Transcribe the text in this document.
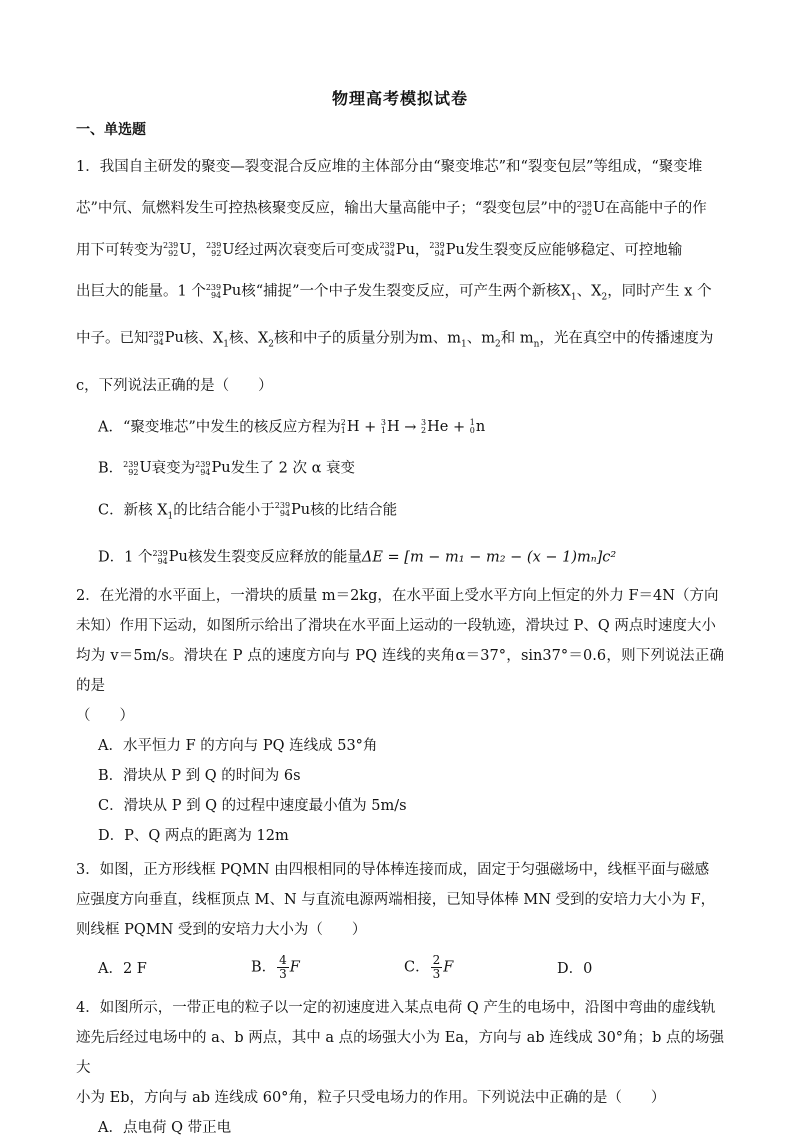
物理高考模拟试卷
一、单选题

1．我国自主研发的聚变—裂变混合反应堆的主体部分由“聚变堆芯”和“裂变包层”等组成，“聚变堆

芯”中氘、氚燃料发生可控热核聚变反应，输出大量高能中子；“裂变包层”中的 238
92 U 在高能中子的作

用下可转变为 239
92 U ， 239
92 U 经过两次衰变后可变成 239
94 Pu ， 239
94 Pu 发生裂变反应能够稳定、可控地输

出巨大的能量。1 个 239
94 Pu 核“捕捉”一个中子发生裂变反应，可产生两个新核$X_1$、$X_2$，同时产生 x 个

中子。已知 239
94 Pu 核、$X_1$核、$X_2$核和中子的质量分别为m、$m_1$、$m_2$和 $m_n$，光在真空中的传播速度为

c，下列说法正确的是（　　）

A．“聚变堆芯”中发生的核反应方程为 2
1 H + 3
1 H → 3
2 He + 1
0 n

B． 239
92 U 衰变为 239
94 Pu 发生了 2 次 α 衰变

C．新核 $X_1$的比结合能小于 239
94 Pu 核的比结合能

D．1 个 239
94 Pu 核发生裂变反应释放的能量ΔE = [m − m₁ − m₂ − (x − 1)mₙ]c²

2．在光滑的水平面上，一滑块的质量 m＝2kg，在水平面上受水平方向上恒定的外力 F＝4N（方向

未知）作用下运动，如图所示给出了滑块在水平面上运动的一段轨迹，滑块过 P、Q 两点时速度大小

均为 v＝5m/s。滑块在 P 点的速度方向与 PQ 连线的夹角α＝37°，sin37°＝0.6，则下列说法正确的是

（　　）

A．水平恒力 F 的方向与 PQ 连线成 53°角

B．滑块从 P 到 Q 的时间为 6s

C．滑块从 P 到 Q 的过程中速度最小值为 5m/s

D．P、Q 两点的距离为 12m

3．如图，正方形线框 PQMN 由四根相同的导体棒连接而成，固定于匀强磁场中，线框平面与磁感

应强度方向垂直，线框顶点 M、N 与直流电源两端相接，已知导体棒 MN 受到的安培力大小为 F，

则线框 PQMN 受到的安培力大小为（　　）

A．2 F	B． $\frac{4}{3}$ F	C． $\frac{2}{3}$ F	D．0

4．如图所示，一带正电的粒子以一定的初速度进入某点电荷 Q 产生的电场中，沿图中弯曲的虚线轨

迹先后经过电场中的 a、b 两点，其中 a 点的场强大小为 Ea，方向与 ab 连线成 30°角；b 点的场强大

小为 Eb，方向与 ab 连线成 60°角，粒子只受电场力的作用。下列说法中正确的是（　　）

A．点电荷 Q 带正电
